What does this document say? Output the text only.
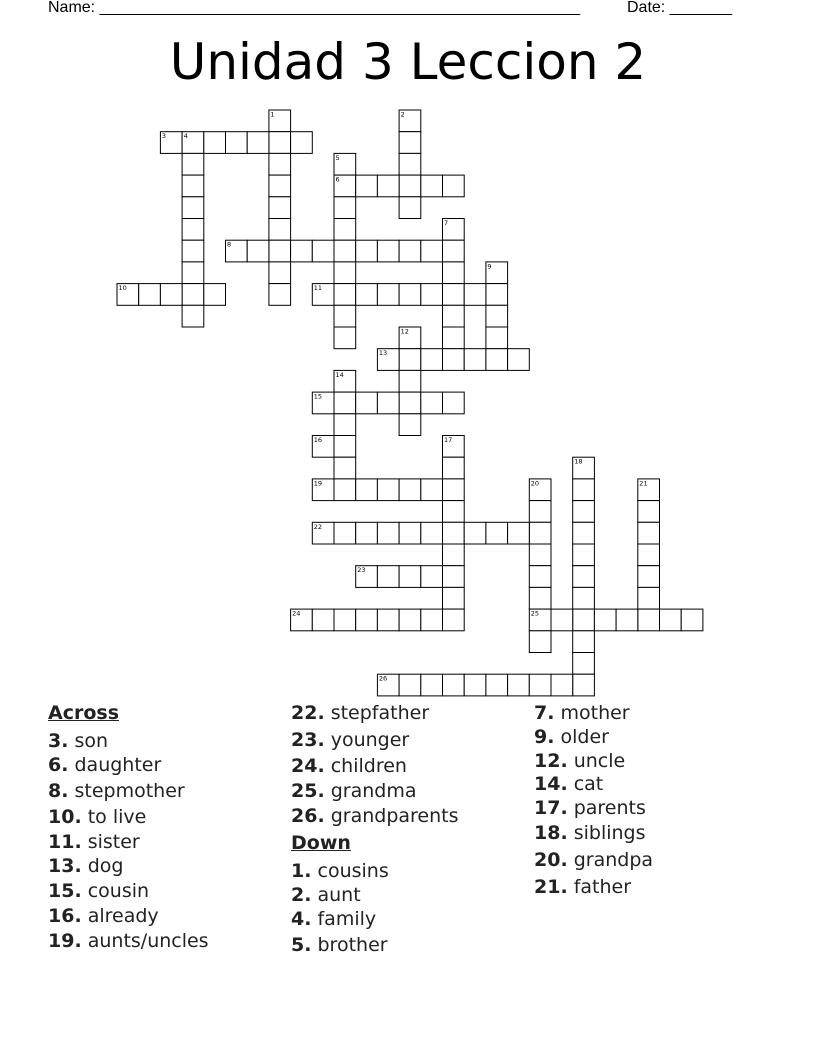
Name: ______________________________________________________	Date: _______
Unidad 3 Leccion 2
1	2
3	4
5
6
7
8
9
10	11
12
13
14
15
16	17
18
19	20	21
22
23
24	25
26
Across
3. son
6. daughter
8. stepmother
10. to live
11. sister
13. dog
15. cousin
16. already
19. aunts/uncles
22. stepfather
23. younger
24. children
25. grandma
26. grandparents
Down
1. cousins
2. aunt
4. family
5. brother
7. mother
9. older
12. uncle
14. cat
17. parents
18. siblings
20. grandpa
21. father
